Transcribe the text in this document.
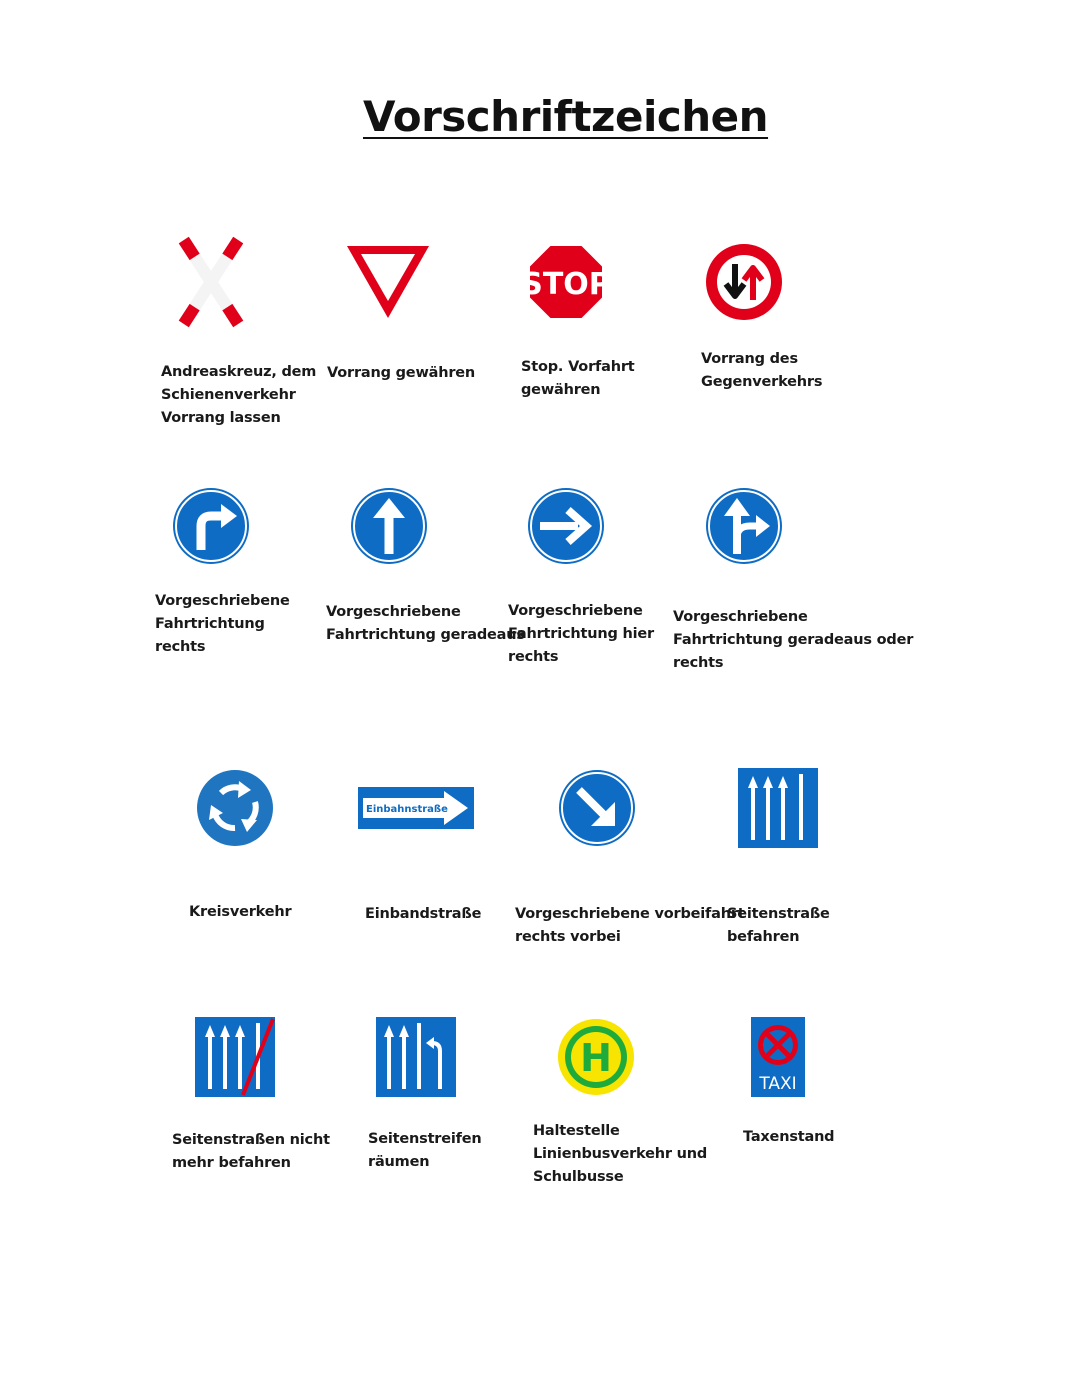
Vorschriftzeichen
Andreaskreuz, dem
Schienenverkehr
Vorrang lassen
Vorrang gewähren
STOP
Stop. Vorfahrt
gewähren
Vorrang des
Gegenverkehrs
Vorgeschriebene
Fahrtrichtung
rechts
Vorgeschriebene
Fahrtrichtung geradeaus
Vorgeschriebene
Fahrtrichtung hier
rechts
Vorgeschriebene
Fahrtrichtung geradeaus oder
rechts
Kreisverkehr
Einbahnstraße
Einbandstraße Vorgeschriebene vorbeifahrt
rechts vorbei
Seitenstraße
befahren
Seitenstraßen nicht
mehr befahren
Seitenstreifen
räumen
H
Haltestelle
Linienbusverkehr und
Schulbusse
TAXI
Taxenstand
